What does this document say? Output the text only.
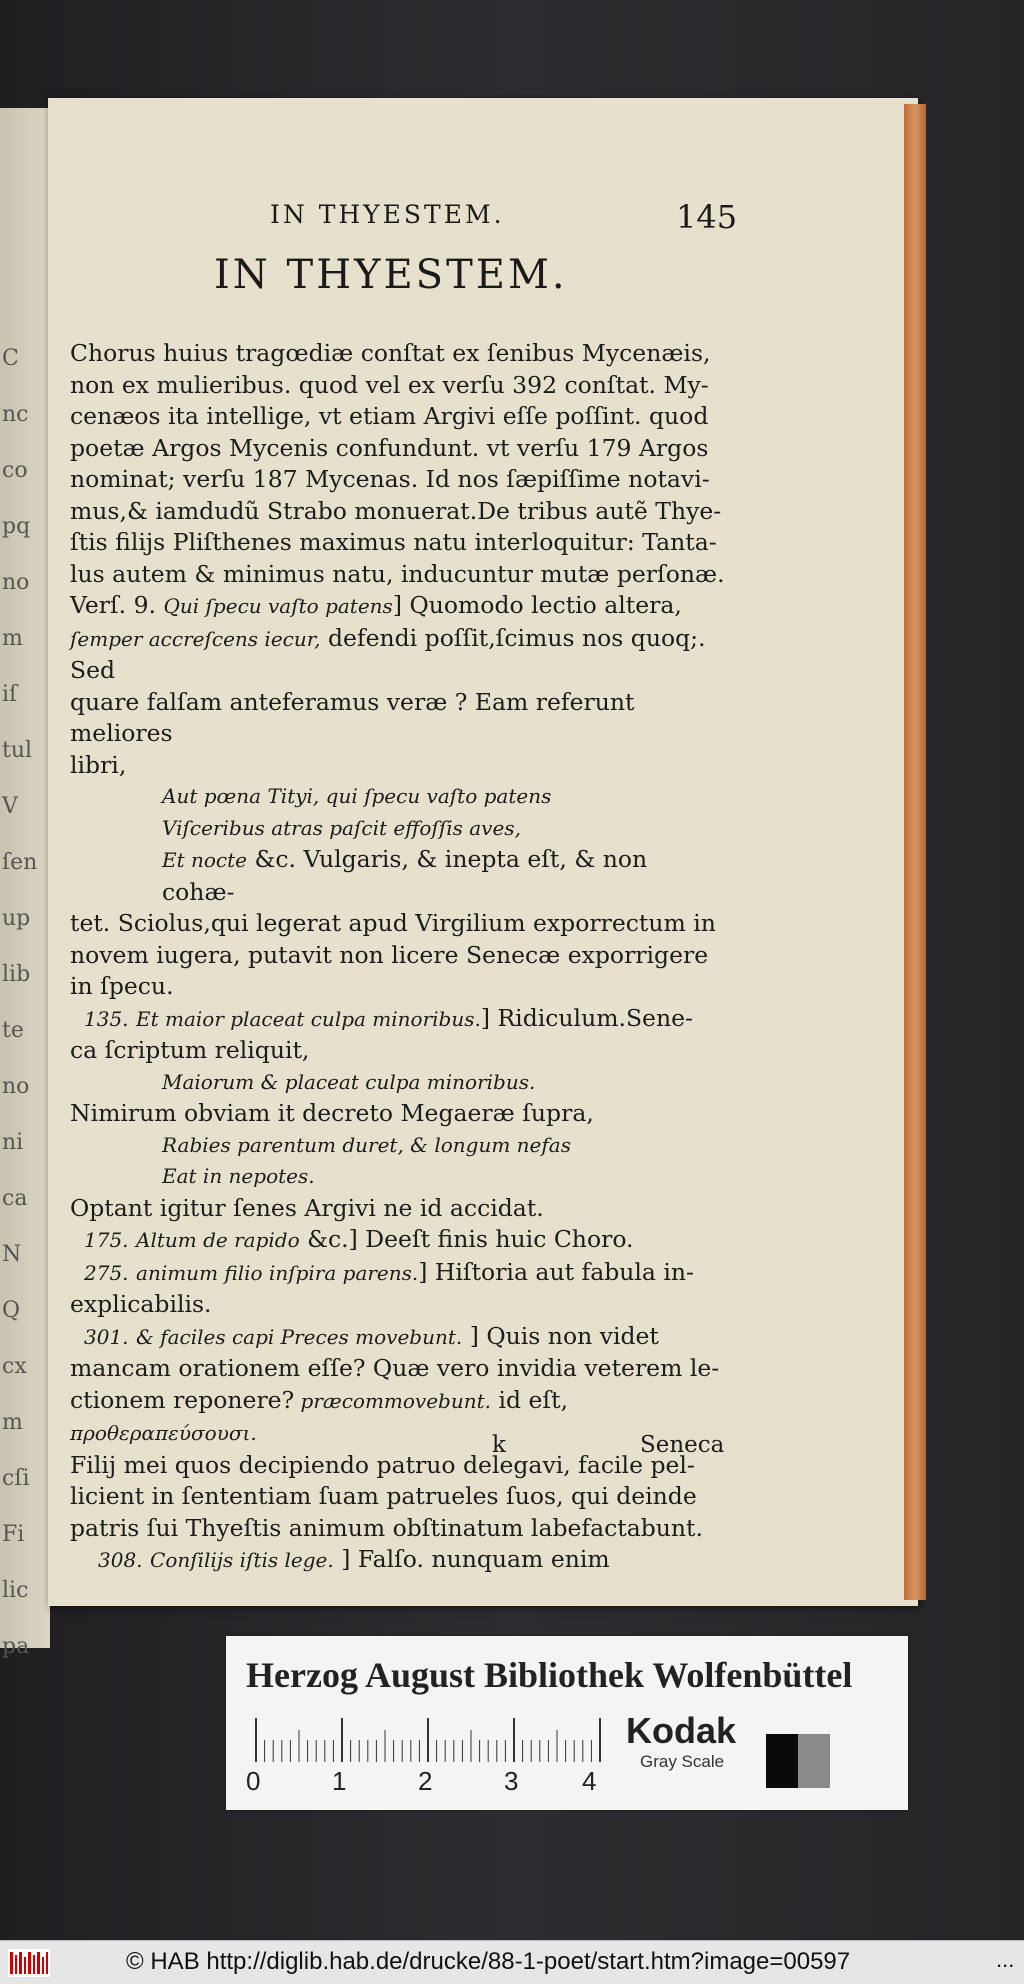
C
nc
co
pq
no
m
iſ
tul
V
ſen
up
lib
te
no
ni
ca
N
Q
cx
m
cſi
Fi
lic
pa
IN THYESTEM.	145
IN THYESTEM.

Chorus huius tragœdiæ conſtat ex ſenibus Mycenæis,

non ex mulieribus. quod vel ex verſu 392 conſtat. My-

cenæos ita intellige, vt etiam Argivi eſſe poſſint. quod

poetæ Argos Mycenis confundunt. vt verſu 179 Argos

nominat; verſu 187 Mycenas. Id nos ſæpiſſime notavi-

mus,& iamdudũ Strabo monuerat.De tribus autẽ Thye-

ſtis filijs Pliſthenes maximus natu interloquitur: Tanta-

lus autem & minimus natu, inducuntur mutæ perſonæ.

Verſ. 9. Qui ſpecu vaſto patens] Quomodo lectio altera,

ſemper accreſcens iecur, defendi poſſit,ſcimus nos quoq;. Sed

quare falſam anteferamus veræ ? Eam referunt meliores

libri,

Aut pœna Tityi, qui ſpecu vaſto patens

Viſceribus atras paſcit effoſſis aves,

Et nocte &c. Vulgaris, & inepta eſt, & non cohæ-

tet. Sciolus,qui legerat apud Virgilium exporrectum in

novem iugera, putavit non licere Senecæ exporrigere

in ſpecu.

135. Et maior placeat culpa minoribus.] Ridiculum.Sene-

ca ſcriptum reliquit,

Maiorum & placeat culpa minoribus.

Nimirum obviam it decreto Megaeræ ſupra,

Rabies parentum duret, & longum nefas

Eat in nepotes.

Optant igitur ſenes Argivi ne id accidat.

175. Altum de rapido &c.] Deeſt finis huic Choro.

275. animum filio inſpira parens.] Hiſtoria aut fabula in-

explicabilis.

301. & faciles capi Preces movebunt. ] Quis non videt

mancam orationem eſſe? Quæ vero invidia veterem le-

ctionem reponere? præcommovebunt. id eſt, προθεραπεύσουσι.

Filij mei quos decipiendo patruo delegavi, facile pel-

licient in ſententiam ſuam patrueles ſuos, qui deinde

patris ſui Thyeſtis animum obſtinatum labefactabunt.

308. Conſilijs iſtis lege. ] Falſo. nunquam enim

k	Seneca
Herzog August Bibliothek Wolfenbüttel
0	1	2	3 4
Kodak
Gray Scale
© HAB http://diglib.hab.de/drucke/88-1-poet/start.htm?image=00597	...
